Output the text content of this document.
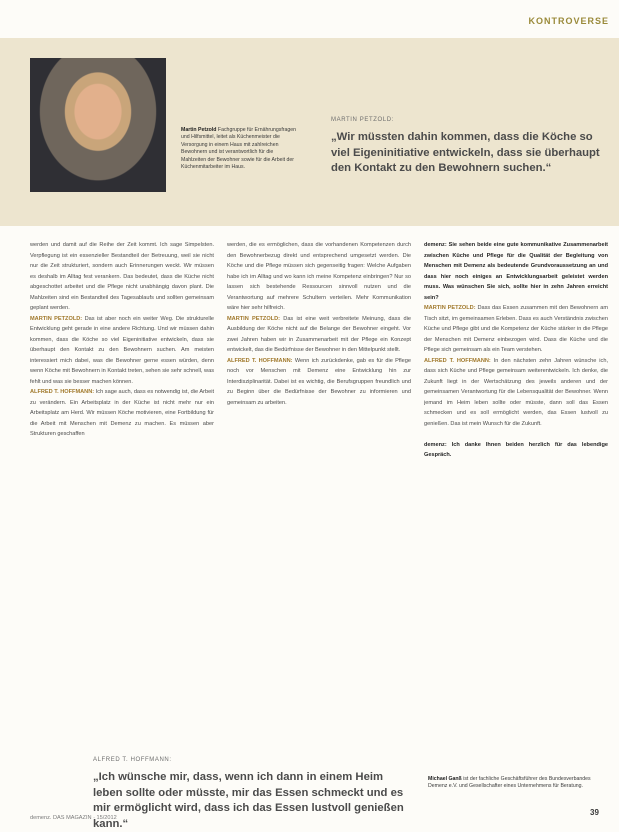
KONTROVERSE

Martin Petzold Fachgruppe für Ernährungsfragen und Hilfsmittel, leitet als Küchenmeister die Versorgung in einem Haus mit zahlreichen Bewohnern und ist verantwortlich für die Mahlzeiten der Bewohner sowie für die Arbeit der Küchenmitarbeiter im Haus.

MARTIN PETZOLD:

„Wir müssten dahin kommen, dass die Köche so viel Eigeninitiative entwickeln, dass sie überhaupt den Kontakt zu den Bewohnern suchen.“

werden und damit auf die Reihe der Zeit kommt. Ich sage Simpelsten. Verpflegung ist ein essenzieller Bestandteil der Betreuung, weil sie nicht nur die Zeit strukturiert, sondern auch Erinnerungen weckt. Wir müssen es deshalb im Alltag fest verankern. Das bedeutet, dass die Küche nicht abgeschottet arbeitet und die Pflege nicht unabhängig davon plant. Die Mahlzeiten sind ein Bestandteil des Tagesablaufs und sollten gemeinsam geplant werden.
MARTIN PETZOLD: Das ist aber noch ein weiter Weg. Die strukturelle Entwicklung geht gerade in eine andere Richtung. Und wir müssen dahin kommen, dass die Köche so viel Eigeninitiative entwickeln, dass sie überhaupt den Kontakt zu den Bewohnern suchen. Am meisten interessiert mich dabei, was die Bewohner gerne essen würden, denn wenn Köche mit Bewohnern in Kontakt treten, sehen sie sehr schnell, was fehlt und was sie besser machen können.
ALFRED T. HOFFMANN: Ich sage auch, dass es notwendig ist, die Arbeit zu verändern. Ein Arbeitsplatz in der Küche ist nicht mehr nur ein Arbeitsplatz am Herd. Wir müssen Köche motivieren, eine Fortbildung für die Arbeit mit Menschen mit Demenz zu machen. Es müssen aber Strukturen geschaffen

werden, die es ermöglichen, dass die vorhandenen Kompetenzen durch den Bewohnerbezug direkt und entsprechend umgesetzt werden. Die Köche und die Pflege müssen sich gegenseitig fragen: Welche Aufgaben habe ich im Alltag und wo kann ich meine Kompetenz einbringen? Nur so lassen sich bestehende Ressourcen sinnvoll nutzen und die Verantwortung auf mehrere Schultern verteilen. Mehr Kommunikation wäre hier sehr hilfreich.
MARTIN PETZOLD: Das ist eine weit verbreitete Meinung, dass die Ausbildung der Köche nicht auf die Belange der Bewohner eingeht. Vor zwei Jahren haben wir in Zusammenarbeit mit der Pflege ein Konzept entwickelt, das die Bedürfnisse der Bewohner in den Mittelpunkt stellt.
ALFRED T. HOFFMANN: Wenn ich zurückdenke, gab es für die Pflege noch vor Menschen mit Demenz eine Entwicklung hin zur Interdisziplinarität. Dabei ist es wichtig, die Berufsgruppen freundlich und zu Beginn über die Bedürfnisse der Bewohner zu informieren und gemeinsam zu arbeiten.

demenz: Sie sehen beide eine gute kommunikative Zusammenarbeit zwischen Küche und Pflege für die Qualität der Begleitung von Menschen mit Demenz als bedeutende Grundvoraussetzung an und dass hier noch einiges an Entwicklungsarbeit geleistet werden muss. Was wünschen Sie sich, sollte hier in zehn Jahren erreicht sein?
MARTIN PETZOLD: Dass das Essen zusammen mit den Bewohnern am Tisch sitzt, im gemeinsamen Erleben. Dass es auch Verständnis zwischen Küche und Pflege gibt und die Kompetenz der Küche stärker in die Pflege der Menschen mit Demenz einbezogen wird. Dass die Küche und die Pflege sich gemeinsam als ein Team verstehen.
ALFRED T. HOFFMANN: In den nächsten zehn Jahren wünsche ich, dass sich Küche und Pflege gemeinsam weiterentwickeln. Ich denke, die Zukunft liegt in der Wertschätzung des jeweils anderen und der gemeinsamen Verantwortung für die Lebensqualität der Bewohner. Wenn jemand im Heim leben sollte oder müsste, dann soll das Essen schmecken und es soll ermöglicht werden, das Essen lustvoll zu genießen. Das ist mein Wunsch für die Zukunft.

demenz: Ich danke Ihnen beiden herzlich für das lebendige Gespräch.

ALFRED T. HOFFMANN:

„Ich wünsche mir, dass, wenn ich dann in einem Heim leben sollte oder müsste, mir das Essen schmeckt und es mir ermöglicht wird, dass ich das Essen lustvoll genießen kann.“

Michael Ganß ist der fachliche Geschäftsführer des Bundesverbandes Demenz e.V. und Gesellschafter eines Unternehmens für Beratung.

demenz. DAS MAGAZIN · 15/2012
39
